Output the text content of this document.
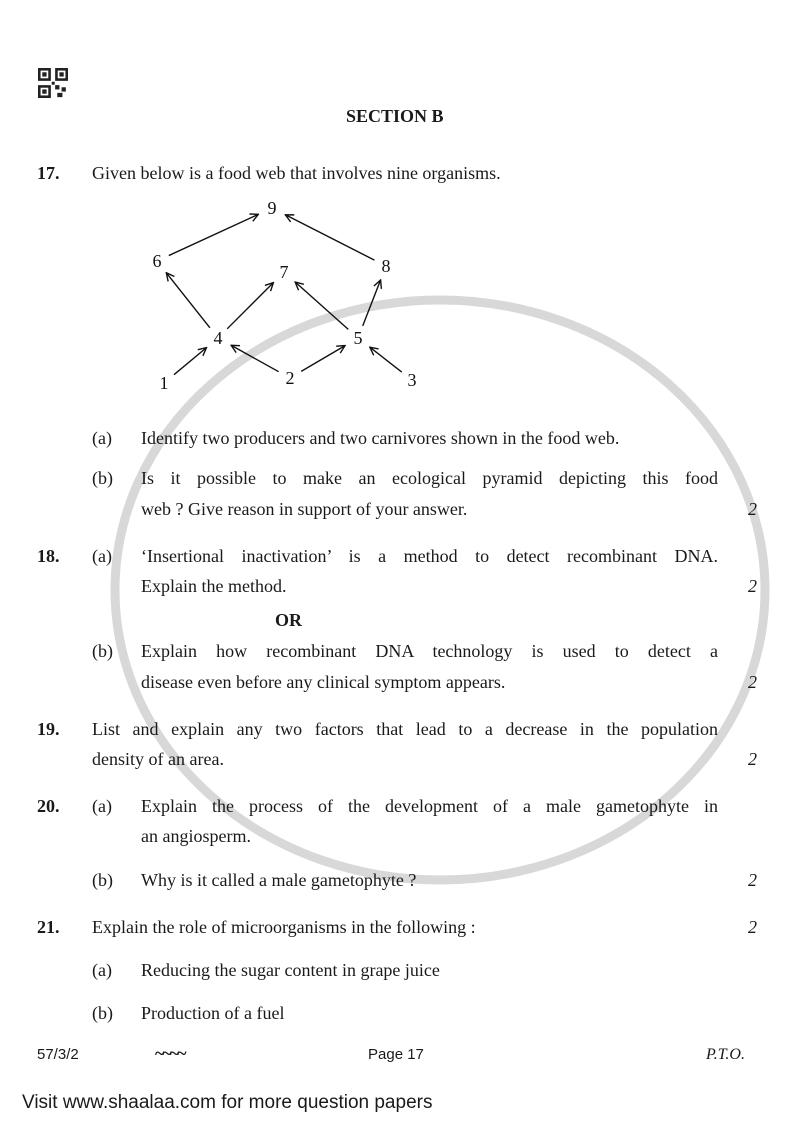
SECTION B
17. Given below is a food web that involves nine organisms.
1	2	3
4	5
6
7	8
9
(a) Identify two producers and two carnivores shown in the food web.
(b) Is it possible to make an ecological pyramid depicting this food
web ? Give reason in support of your answer.	2
18. (a) ‘Insertional inactivation’ is a method to detect recombinant DNA.
Explain the method.	2
OR
(b) Explain how recombinant DNA technology is used to detect a
disease even before any clinical symptom appears.	2
19. List and explain any two factors that lead to a decrease in the population
density of an area.	2
20. (a) Explain the process of the development of a male gametophyte in
an angiosperm.
(b) Why is it called a male gametophyte ?	2
21. Explain the role of microorganisms in the following :	2
(a) Reducing the sugar content in grape juice
(b) Production of a fuel
57/3/2	~~~~	Page 17	P.T.O.
Visit www.shaalaa.com for more question papers
